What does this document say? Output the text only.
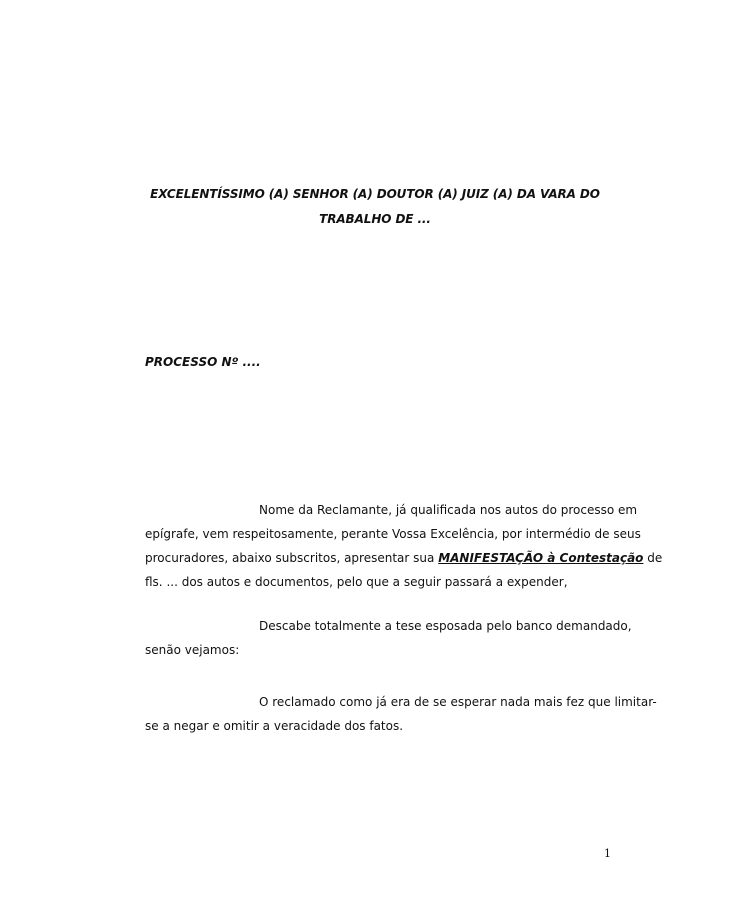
EXCELENTÍSSIMO (A) SENHOR (A) DOUTOR (A) JUIZ (A) DA VARA DO
TRABALHO DE ...
PROCESSO Nº ....
Nome da Reclamante, já qualificada nos autos do processo em
epígrafe, vem respeitosamente, perante Vossa Excelência, por intermédio de seus
procuradores, abaixo subscritos, apresentar sua MANIFESTAÇÃO à Contestação de
fls. ... dos autos e documentos, pelo que a seguir passará a expender,
Descabe totalmente a tese esposada pelo banco demandado,
senão vejamos:
O reclamado como já era de se esperar nada mais fez que limitar-
se a negar e omitir a veracidade dos fatos.
1
